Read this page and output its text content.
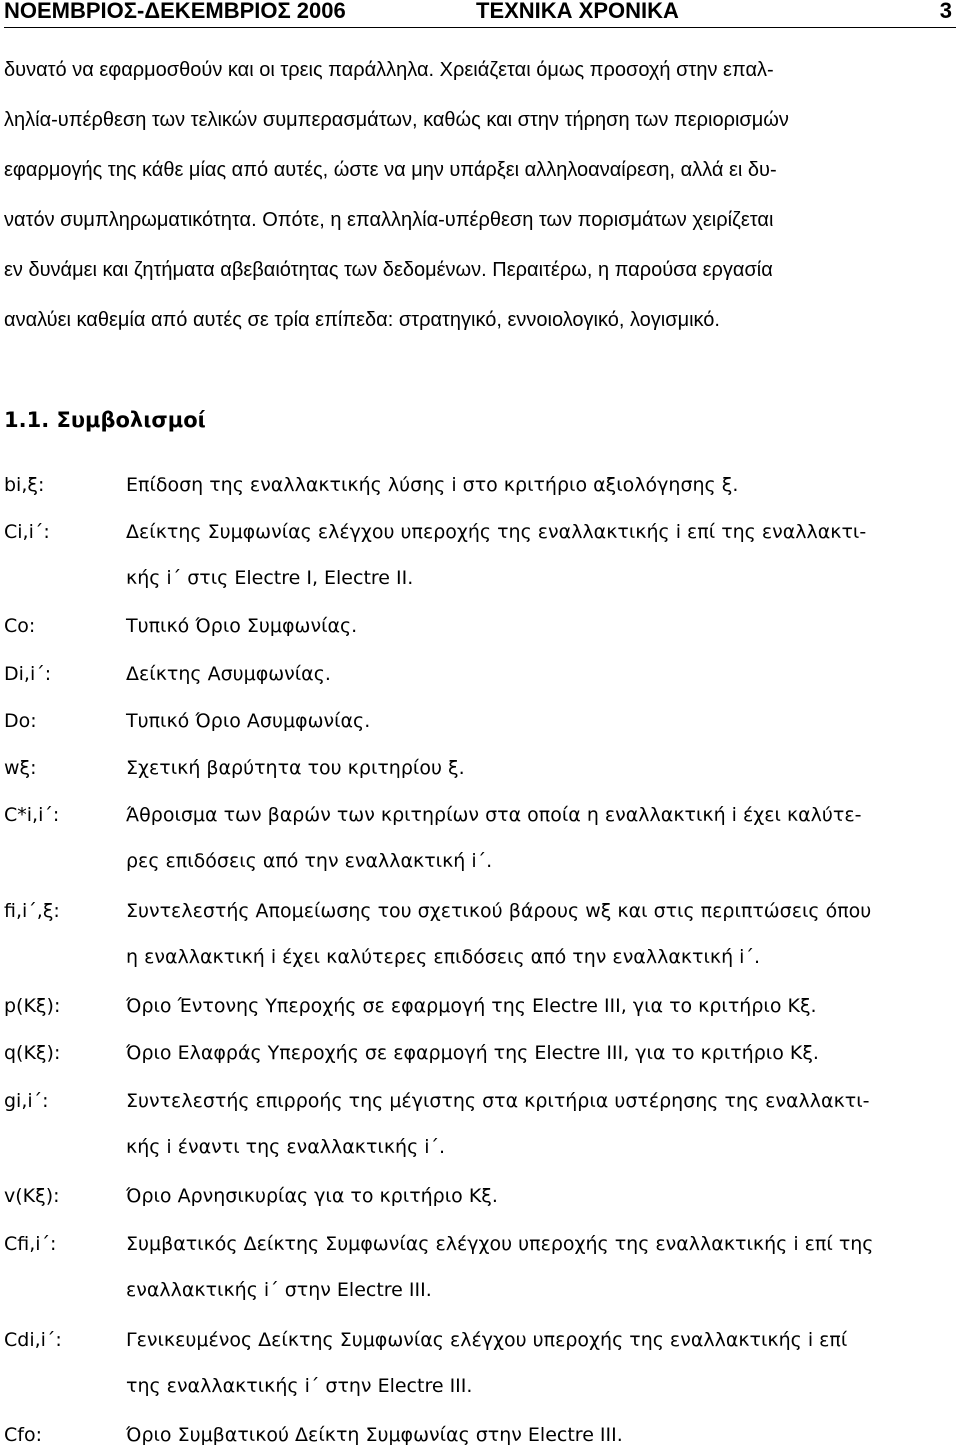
ΝΟΕΜΒΡΙΟΣ-ΔΕΚΕΜΒΡΙΟΣ 2006	ΤΕΧΝΙΚΑ ΧΡΟΝΙΚΑ	3
δυνατό να εφαρμοσθούν και οι τρεις παράλληλα. Χρειάζεται όμως προσοχή στην επαλ-
ληλία-υπέρθεση των τελικών συμπερασμάτων, καθώς και στην τήρηση των περιορισμών
εφαρμογής της κάθε μίας από αυτές, ώστε να μην υπάρξει αλληλοαναίρεση, αλλά ει δυ-
νατόν συμπληρωματικότητα. Οπότε, η επαλληλία-υπέρθεση των πορισμάτων χειρίζεται
εν δυνάμει και ζητήματα αβεβαιότητας των δεδομένων. Περαιτέρω, η παρούσα εργασία
αναλύει καθεμία από αυτές σε τρία επίπεδα: στρατηγικό, εννοιολογικό, λογισμικό.
1.1. Συμβολισμοί
bi,ξ:	Επίδοση της εναλλακτικής λύσης i στο κριτήριο αξιολόγησης ξ.
Ci,i΄:	Δείκτης Συμφωνίας ελέγχου υπεροχής της εναλλακτικής i επί της εναλλακτι-
κής i΄ στις Electre I, Electre II.
Co:	Τυπικό Όριο Συμφωνίας.
Di,i΄:	Δείκτης Ασυμφωνίας.
Do:	Τυπικό Όριο Ασυμφωνίας.
wξ:	Σχετική βαρύτητα του κριτηρίου ξ.
C*i,i΄:	Άθροισμα των βαρών των κριτηρίων στα οποία η εναλλακτική i έχει καλύτε-
ρες επιδόσεις από την εναλλακτική i΄.
fi,i΄,ξ:	Συντελεστής Απομείωσης του σχετικού βάρους wξ και στις περιπτώσεις όπου
η εναλλακτική i έχει καλύτερες επιδόσεις από την εναλλακτική i΄.
p(Kξ):	Όριο Έντονης Υπεροχής σε εφαρμογή της Electre III, για το κριτήριο Kξ.
q(Kξ):	Όριο Ελαφράς Υπεροχής σε εφαρμογή της Electre III, για το κριτήριο Kξ.
gi,i΄:	Συντελεστής επιρροής της μέγιστης στα κριτήρια υστέρησης της εναλλακτι-
κής i έναντι της εναλλακτικής i΄.
v(Kξ):	Όριο Αρνησικυρίας για το κριτήριο Kξ.
Cfi,i΄:	Συμβατικός Δείκτης Συμφωνίας ελέγχου υπεροχής της εναλλακτικής i επί της
εναλλακτικής i΄ στην Electre III.
Cdi,i΄:	Γενικευμένος Δείκτης Συμφωνίας ελέγχου υπεροχής της εναλλακτικής i επί
της εναλλακτικής i΄ στην Electre III.
Cfo:	Όριο Συμβατικού Δείκτη Συμφωνίας στην Electre III.
